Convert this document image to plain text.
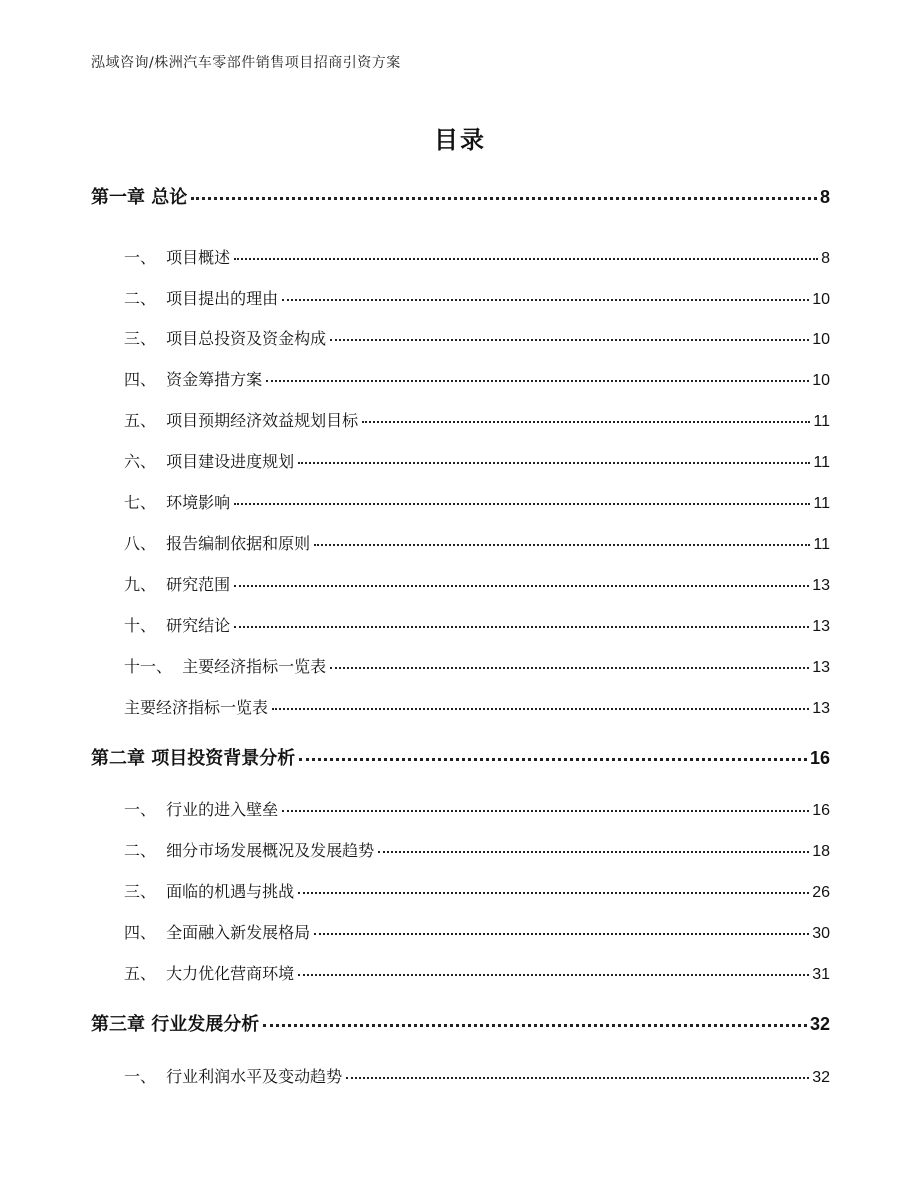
泓域咨询/株洲汽车零部件销售项目招商引资方案
目录
第一章 总论	8
一、  项目概述	8
二、  项目提出的理由	10
三、  项目总投资及资金构成	10
四、  资金筹措方案	10
五、  项目预期经济效益规划目标	11
六、  项目建设进度规划	11
七、  环境影响	11
八、  报告编制依据和原则	11
九、  研究范围	13
十、  研究结论	13
十一、  主要经济指标一览表	13
主要经济指标一览表	13
第二章 项目投资背景分析	16
一、  行业的进入壁垒	16
二、  细分市场发展概况及发展趋势	18
三、  面临的机遇与挑战	26
四、  全面融入新发展格局	30
五、  大力优化营商环境	31
第三章 行业发展分析	32
一、  行业利润水平及变动趋势	32
